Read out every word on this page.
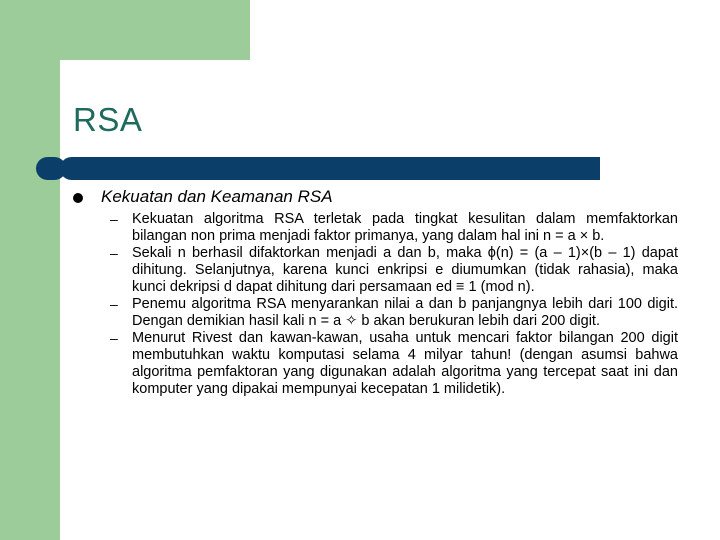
RSA
Kekuatan dan Keamanan RSA
– Kekuatan algoritma RSA terletak pada tingkat kesulitan dalam memfaktorkan bilangan non prima menjadi faktor primanya, yang dalam hal ini n = a × b.
– Sekali n berhasil difaktorkan menjadi a dan b, maka ϕ(n) = (a – 1)×(b – 1) dapat dihitung. Selanjutnya, karena kunci enkripsi e diumumkan (tidak rahasia), maka kunci dekripsi d dapat dihitung dari persamaan ed ≡ 1 (mod n).
– Penemu algoritma RSA menyarankan nilai a dan b panjangnya lebih dari 100 digit. Dengan demikian hasil kali n = a ✧ b akan berukuran lebih dari 200 digit.
– Menurut Rivest dan kawan-kawan, usaha untuk mencari faktor bilangan 200 digit membutuhkan waktu komputasi selama 4 milyar tahun! (dengan asumsi bahwa algoritma pemfaktoran yang digunakan adalah algoritma yang tercepat saat ini dan komputer yang dipakai mempunyai kecepatan 1 milidetik).
